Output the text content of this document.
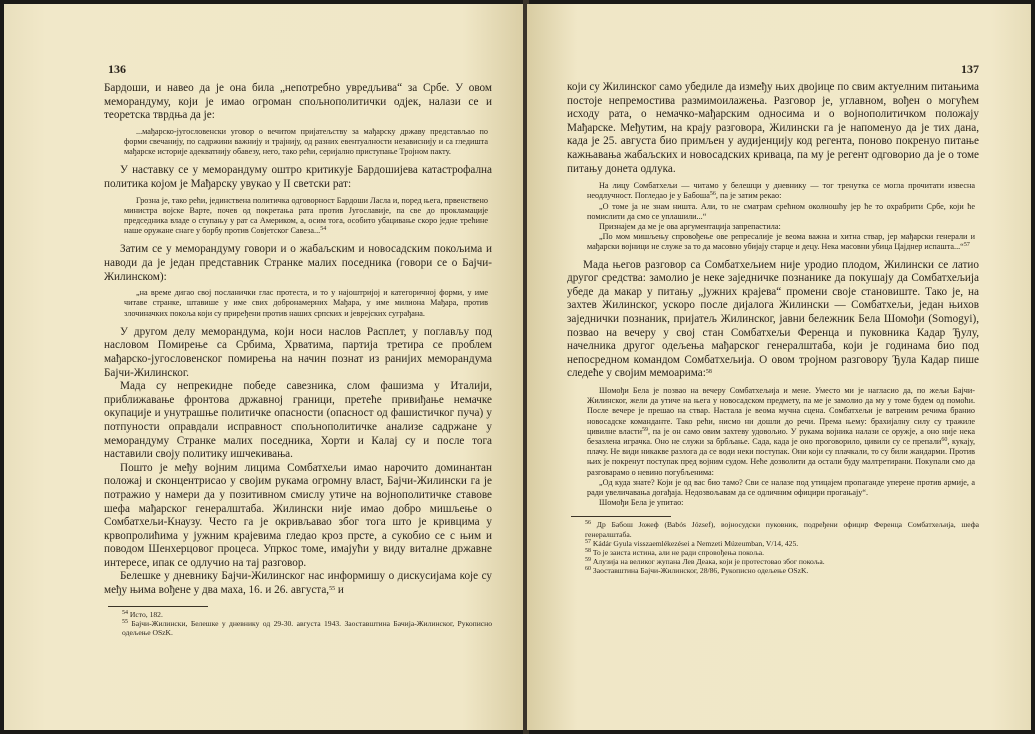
136

Бардоши, и навео да је она била „непотребно увредљива“ за Србе. У овом меморандуму, који је имао огроман спољнополитички одјек, налази се и теоретска тврдња да је:

...мађарско-југословенски уговор о вечитом пријатељству за мађарску државу представљао по форми свечанију, по садржини важнију и трајнију, од разних евентуалности независнију и са гледишта мађарске историје адекватнију обавезу, него, тако рећи, серијално приступање Тројном пакту.

У наставку се у меморандуму оштро критикује Бардошијева катастрофална политика којом је Мађарску увукао у II светски рат:

Грозна је, тако рећи, јединствена политичка одговорност Бардоши Ласла и, поред њега, првенствено министра војске Варте, почев од покретања рата против Југославије, па све до прокламације председника владе о ступању у рат са Америком, а, осим тога, особито убацивање скоро једне трећине наше оружане снаге у борбу против Совјетског Савеза...$^{54}$

Затим се у меморандуму говори и о жабаљским и новосадским покољима и наводи да је један представник Странке малих поседника (говори се о Бајчи-Жилинском):

„на време дигао свој посланички глас протеста, и то у најоштријој и категоричној форми, у име читаве странке, штавише у име свих добронамерних Мађара, у име милиона Мађара, против злочиначких покоља који су приређени против наших српских и јеврејских суграђана.

У другом делу меморандума, који носи наслов Расплет, у поглављу под насловом Помирење са Србима, Хрватима, партија третира се проблем мађарско-југословенског помирења на начин познат из ранијих меморандума Бајчи-Жилинског.

Мада су непрекидне победе савезника, слом фашизма у Италији, приближавање фронтова државној граници, претеће привиђање немачке окупације и унутрашње политичке опасности (опасност од фашистичког пуча) у потпуности оправдали исправност спољнополитичке анализе садржане у меморандуму Странке малих поседника, Хорти и Калај су и после тога наставили своју политику ишчекивања.

Пошто је међу војним лицима Сомбатхељи имао нарочито доминантан положај и сконцентрисао у својим рукама огромну власт, Бајчи-Жилински га је потражио у намери да у позитивном смислу утиче на војнополитичке ставове шефа мађарског генералштаба. Жилински није имао добро мишљење о Сомбатхељи-Кнаузу. Често га је окривљавао због тога што је кривцима у крвопролићима у јужним крајевима гледао кроз прсте, а сукобио се с њим и поводом Шенхерцовог процеса. Упркос томе, имајући у виду виталне државне интересе, ипак се одлучио на тај разговор.

Белешке у дневнику Бајчи-Жилинског нас информишу о дискусијама које су међу њима вођене у два маха, 16. и 26. августа,$^{55}$ и

$^{54}$ Исто, 182.

$^{55}$ Бајчи-Жилински, Белешке у дневнику од 29-30. августа 1943. Заоставштина Бачија-Жилинског, Рукописно одељење OSzK.

137

који су Жилинског само убедиле да између њих двојице по свим актуелним питањима постоје непремостива размимоилажења. Разговор је, углавном, вођен о могућем исходу рата, о немачко-мађарским односима и о војнополитичком положају Мађарске. Међутим, на крају разговора, Жилински га је напоменуо да је тих дана, када је 25. августа био примљен у аудијенцију код регента, поново покренуо питање кажњавања жабаљских и новосадских криваца, па му је регент одговорио да је о томе питању донета одлука.

На лицу Сомбатхељи — читамо у белешци у дневнику — тог тренутка се могла прочитати извесна неодлучност. Погледао је у Бабоша$^{56}$, па је затим рекао:

„О томе ја не знам ништа. Али, то не сматрам срећном околношћу јер ће то охрабрити Србе, који ће помислити да смо се уплашили...“

Признајем да ме је ова аргументација запрепастила:

„По мом мишљењу спровођење ове репресалије је веома важна и хитна ствар, јер мађарски генерали и мађарски војници не служе за то да масовно убијају старце и децу. Нека масовни убица Цајднер испашта...“$^{57}$

Мада његов разговор са Сомбатхељием није уродио плодом, Жилински се латио другог средства: замолио је неке заједничке познанике да покушају да Сомбатхељија убеде да макар у питању „јужних крајева“ промени своје становиште. Тако је, на захтев Жилинског, ускоро после дијалога Жилински — Сомбатхељи, један њихов заједнички познаник, пријатељ Жилинског, јавни бележник Бела Шомођи (Somogyi), позвао на вечеру у свој стан Сомбатхељи Ференца и пуковника Кадар Ђулу, начелника другог одељења мађарског генералштаба, који је годинама био под непосредном командом Сомбатхељија. О овом тројном разговору Ђула Кадар пише следеће у својим мемоарима:$^{58}$

Шомођи Бела је позвао на вечеру Сомбатхељија и мене. Уместо ми је нагласио да, по жељи Бајчи-Жилинског, жели да утиче на њега у новосадском предмету, па ме је замолио да му у томе будем од помоћи. После вечере је прешао на ствар. Настала је веома мучна сцена. Сомбатхељи је ватреним речима бранио новосадске команданте. Тако рећи, нисмо ни дошли до речи. Према њему: брахијалну силу су тражиле цивилне власти$^{59}$, па је он само овим захтеву удовољио. У рукама војника налази се оружје, а оно није нека безазлена играчка. Оно не служи за брбљање. Сада, када је оно проговорило, цивили су се препали$^{60}$, кукају, плачу. Не види никакве разлога да се води неки поступак. Они који су плачкали, то су били жандарми. Против њих је покренут поступак пред војним судом. Неће дозволити да остали буду малтретирани. Покупали смо да разговарамо о невино погубљенима:

„Од куда знате? Који је од вас био тамо? Сви се налазе под утицајем пропаганде уперене против армије, а ради увеличавања догађаја. Недозвољавам да се одличним официри прогањају“.

Шомођи Бела је упитао:

$^{56}$ Др Бабош Јожеф (Babós József), војносудски пуковник, подређени официр Ференца Сомбатхељија, шефа генералштаба.

$^{57}$ Kádár Gyula visszaemlékezései a Nemzeti Múzeumban, V/14, 425.

$^{58}$ То је заиста истина, али не ради спровођења покоља.

$^{59}$ Алузија на великог жупана Лев Деака, који је протестовао због покоља.

$^{60}$ Заоставштина Бајчи-Жилинског, 28/86, Рукописно одељење OSzK.
